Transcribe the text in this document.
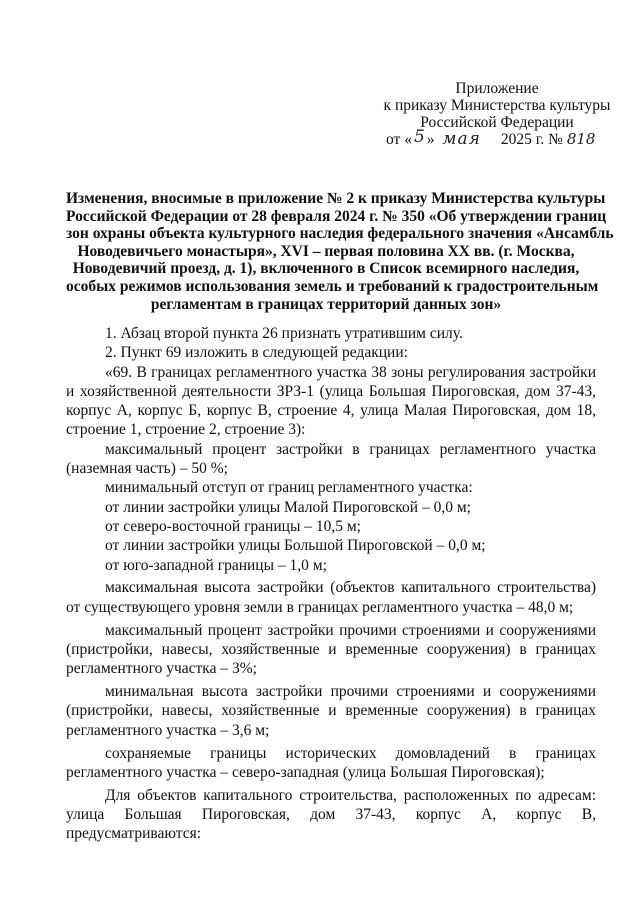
Приложение
к приказу Министерства культуры
Российской Федерации
от « 5 » мая 2025 г. № 818
Изменения, вносимые в приложение № 2 к приказу Министерства культуры
Российской Федерации от 28 февраля 2024 г. № 350 «Об утверждении границ
зон охраны объекта культурного наследия федерального значения «Ансамбль
Новодевичьего монастыря», XVI – первая половина XX вв. (г. Москва,
Новодевичий проезд, д. 1), включенного в Список всемирного наследия,
особых режимов использования земель и требований к градостроительным
регламентам в границах территорий данных зон»

1. Абзац второй пункта 26 признать утратившим силу.

2. Пункт 69 изложить в следующей редакции:

«69. В границах регламентного участка 38 зоны регулирования застройки и хозяйственной деятельности ЗРЗ-1 (улица Большая Пироговская, дом 37-43, корпус А, корпус Б, корпус В, строение 4, улица Малая Пироговская, дом 18, строение 1, строение 2, строение 3):

максимальный процент застройки в границах регламентного участка (наземная часть) – 50 %;

минимальный отступ от границ регламентного участка:

от линии застройки улицы Малой Пироговской – 0,0 м;

от северо-восточной границы – 10,5 м;

от линии застройки улицы Большой Пироговской – 0,0 м;

от юго-западной границы – 1,0 м;

максимальная высота застройки (объектов капитального строительства) от существующего уровня земли в границах регламентного участка – 48,0 м;

максимальный процент застройки прочими строениями и сооружениями (пристройки, навесы, хозяйственные и временные сооружения) в границах регламентного участка – 3%;

минимальная высота застройки прочими строениями и сооружениями (пристройки, навесы, хозяйственные и временные сооружения) в границах регламентного участка – 3,6 м;

сохраняемые границы исторических домовладений в границах регламентного участка – северо-западная (улица Большая Пироговская);

Для объектов капитального строительства, расположенных по адресам: улица Большая Пироговская, дом 37-43, корпус А, корпус В, предусматриваются:
